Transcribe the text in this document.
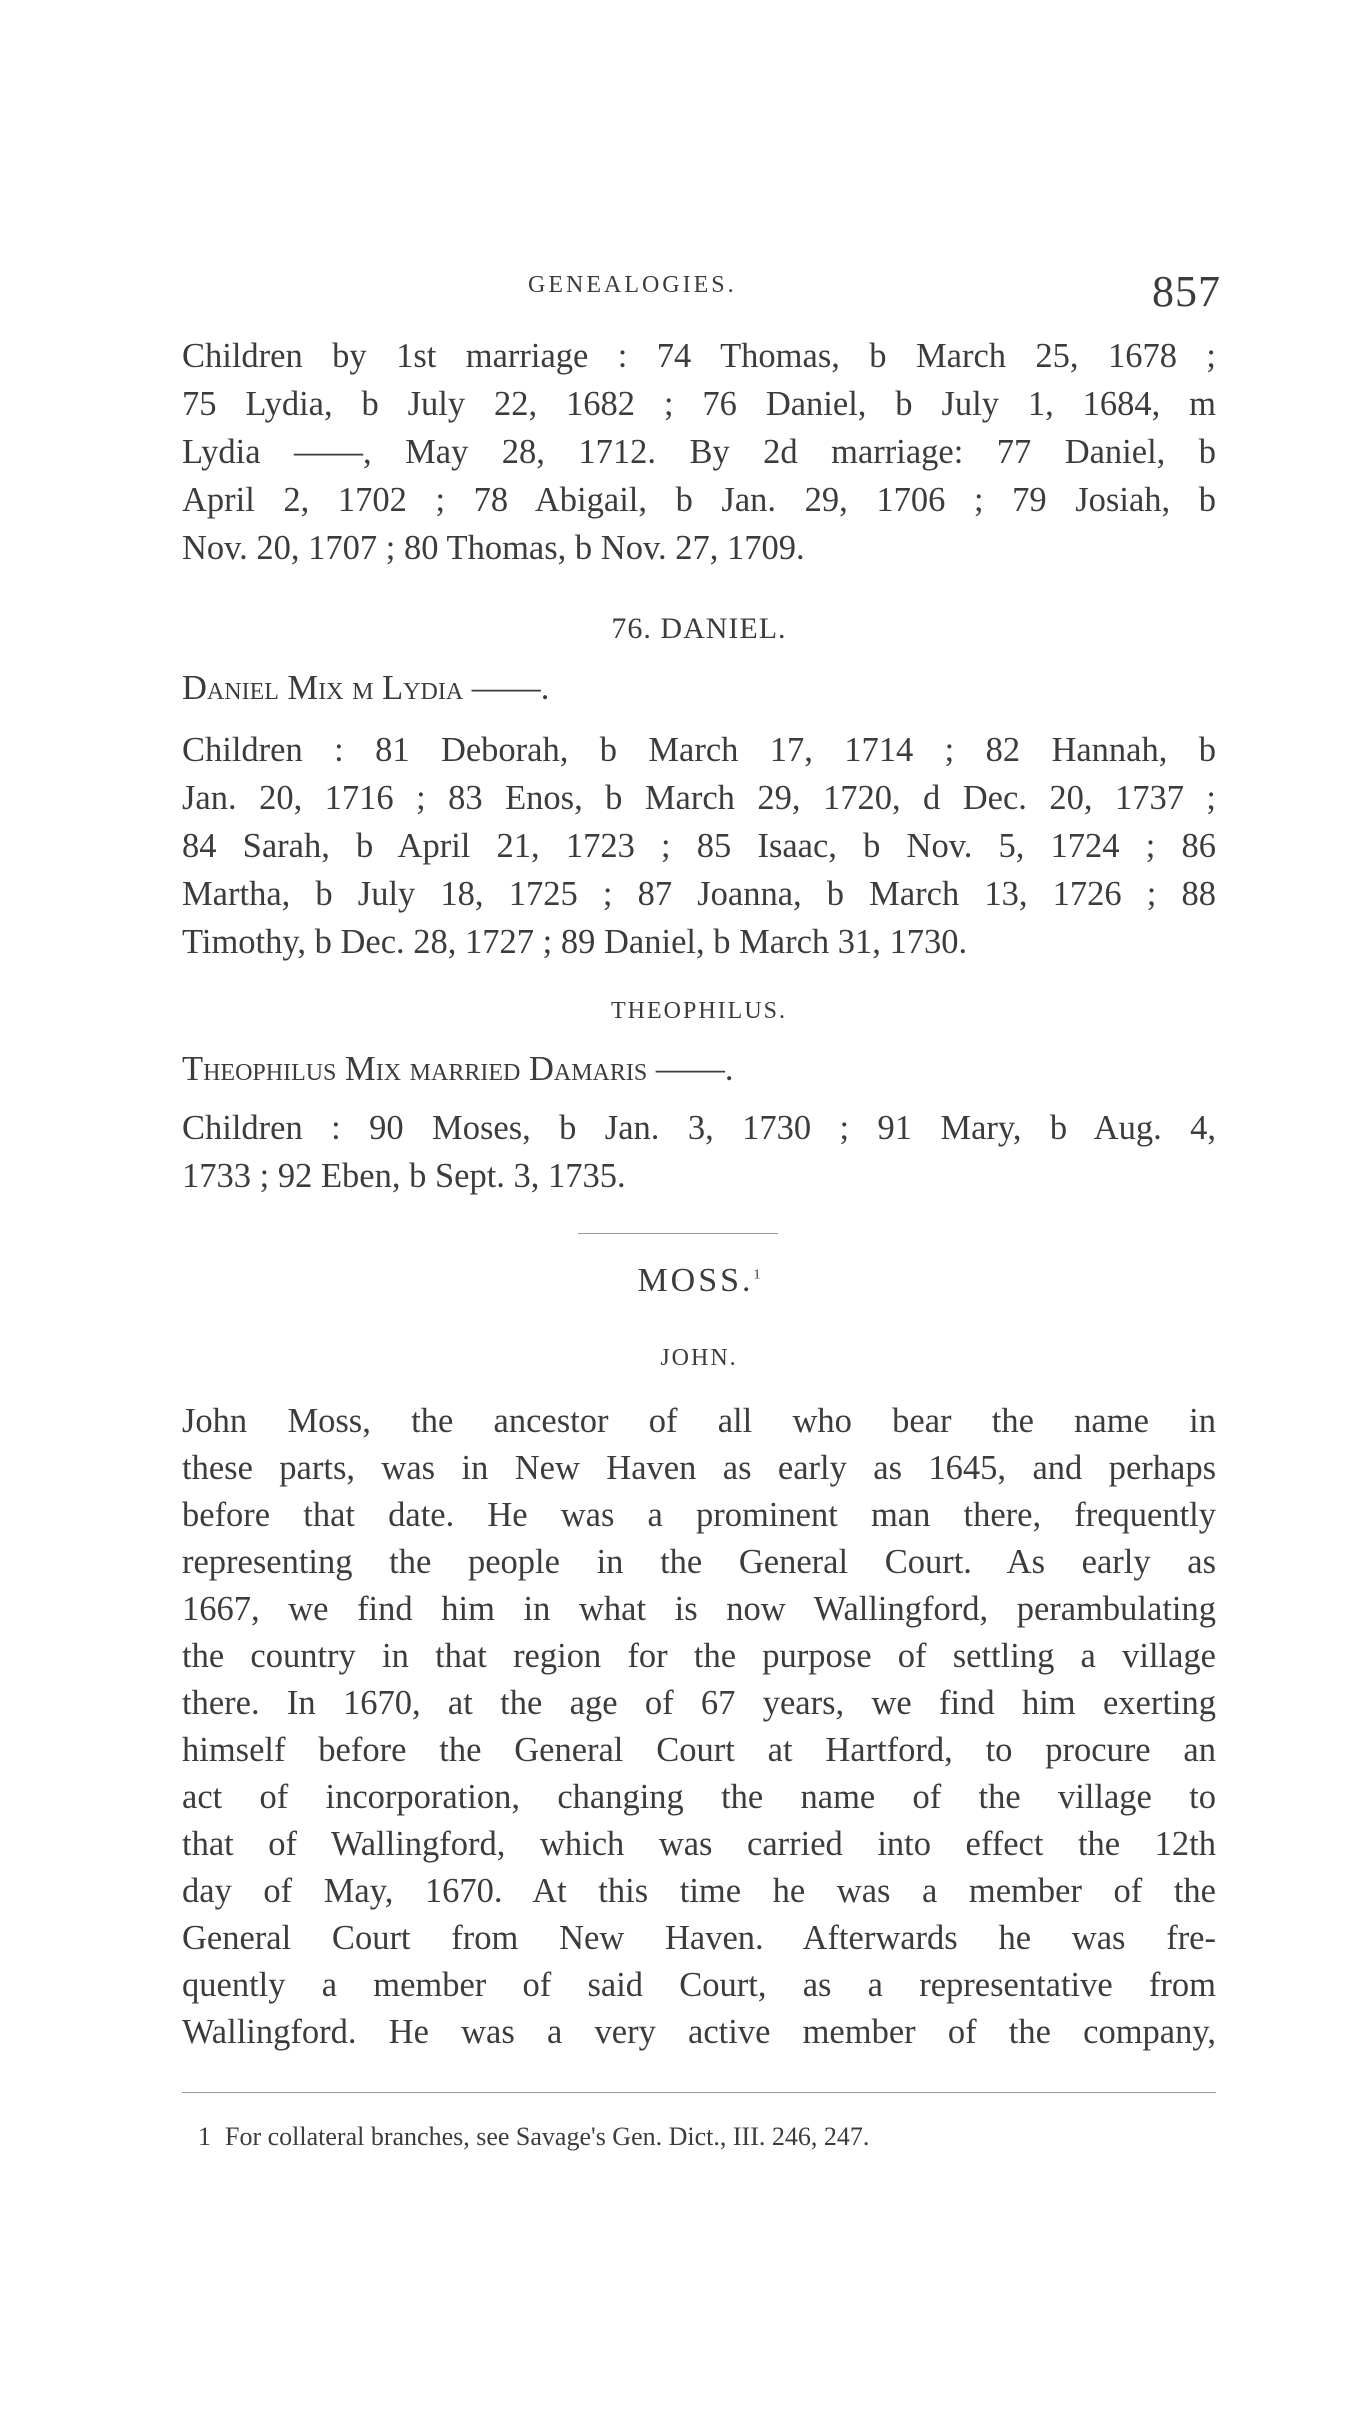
GENEALOGIES.	857
Children by 1st marriage : 74 Thomas, b March 25, 1678 ;
75 Lydia, b July 22, 1682 ; 76 Daniel, b July 1, 1684, m
Lydia ——, May 28, 1712. By 2d marriage: 77 Daniel, b
April 2, 1702 ; 78 Abigail, b Jan. 29, 1706 ; 79 Josiah, b
Nov. 20, 1707 ; 80 Thomas, b Nov. 27, 1709.
76. DANIEL.
Daniel Mix m Lydia ——.
Children : 81 Deborah, b March 17, 1714 ; 82 Hannah, b
Jan. 20, 1716 ; 83 Enos, b March 29, 1720, d Dec. 20, 1737 ;
84 Sarah, b April 21, 1723 ; 85 Isaac, b Nov. 5, 1724 ; 86
Martha, b July 18, 1725 ; 87 Joanna, b March 13, 1726 ; 88
Timothy, b Dec. 28, 1727 ; 89 Daniel, b March 31, 1730.
THEOPHILUS.
Theophilus Mix married Damaris ——.
Children : 90 Moses, b Jan. 3, 1730 ; 91 Mary, b Aug. 4,
1733 ; 92 Eben, b Sept. 3, 1735.
MOSS.$^1$
JOHN.
John Moss, the ancestor of all who bear the name in
these parts, was in New Haven as early as 1645, and perhaps
before that date. He was a prominent man there, frequently
representing the people in the General Court. As early as
1667, we find him in what is now Wallingford, perambulating
the country in that region for the purpose of settling a village
there. In 1670, at the age of 67 years, we find him exerting
himself before the General Court at Hartford, to procure an
act of incorporation, changing the name of the village to
that of Wallingford, which was carried into effect the 12th
day of May, 1670. At this time he was a member of the
General Court from New Haven. Afterwards he was fre-
quently a member of said Court, as a representative from
Wallingford. He was a very active member of the company,
1 For collateral branches, see Savage's Gen. Dict., III. 246, 247.
